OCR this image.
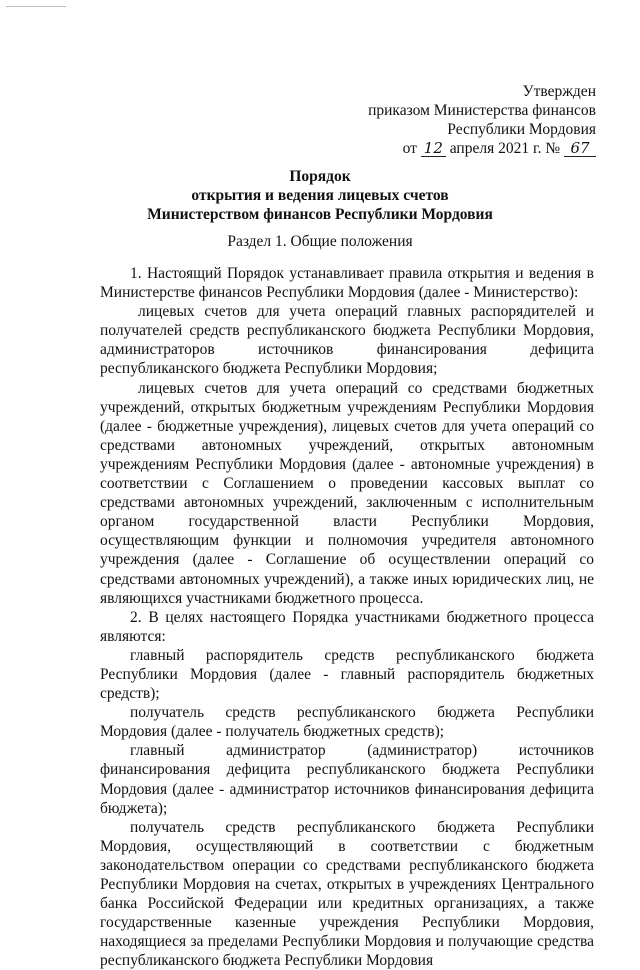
Утвержден
приказом Министерства финансов
Республики Мордовия
от 12 апреля 2021 г. № 67
Порядок
открытия и ведения лицевых счетов
Министерством финансов Республики Мордовия
Раздел 1. Общие положения

1. Настоящий Порядок устанавливает правила открытия и ведения в Министерстве финансов Республики Мордовия (далее - Министерство):

лицевых счетов для учета операций главных распорядителей и получателей средств республиканского бюджета Республики Мордовия, администраторов источников финансирования дефицита республиканского бюджета Республики Мордовия;

лицевых счетов для учета операций со средствами бюджетных учреждений, открытых бюджетным учреждениям Республики Мордовия (далее - бюджетные учреждения), лицевых счетов для учета операций со средствами автономных учреждений, открытых автономным учреждениям Республики Мордовия (далее - автономные учреждения) в соответствии с Соглашением о проведении кассовых выплат со средствами автономных учреждений, заключенным с исполнительным органом государственной власти Республики Мордовия, осуществляющим функции и полномочия учредителя автономного учреждения (далее - Соглашение об осуществлении операций со средствами автономных учреждений), а также иных юридических лиц, не являющихся участниками бюджетного процесса.

2. В целях настоящего Порядка участниками бюджетного процесса являются:

главный распорядитель средств республиканского бюджета Республики Мордовия (далее - главный распорядитель бюджетных средств);

получатель средств республиканского бюджета Республики Мордовия (далее - получатель бюджетных средств);

главный администратор (администратор) источников финансирования дефицита республиканского бюджета Республики Мордовия (далее - администратор источников финансирования дефицита бюджета);

получатель средств республиканского бюджета Республики Мордовия, осуществляющий в соответствии с бюджетным законодательством операции со средствами республиканского бюджета Республики Мордовия на счетах, открытых в учреждениях Центрального банка Российской Федерации или кредитных организациях, а также государственные казенные учреждения Республики Мордовия, находящиеся за пределами Республики Мордовия и получающие средства республиканского бюджета Республики Мордовия
